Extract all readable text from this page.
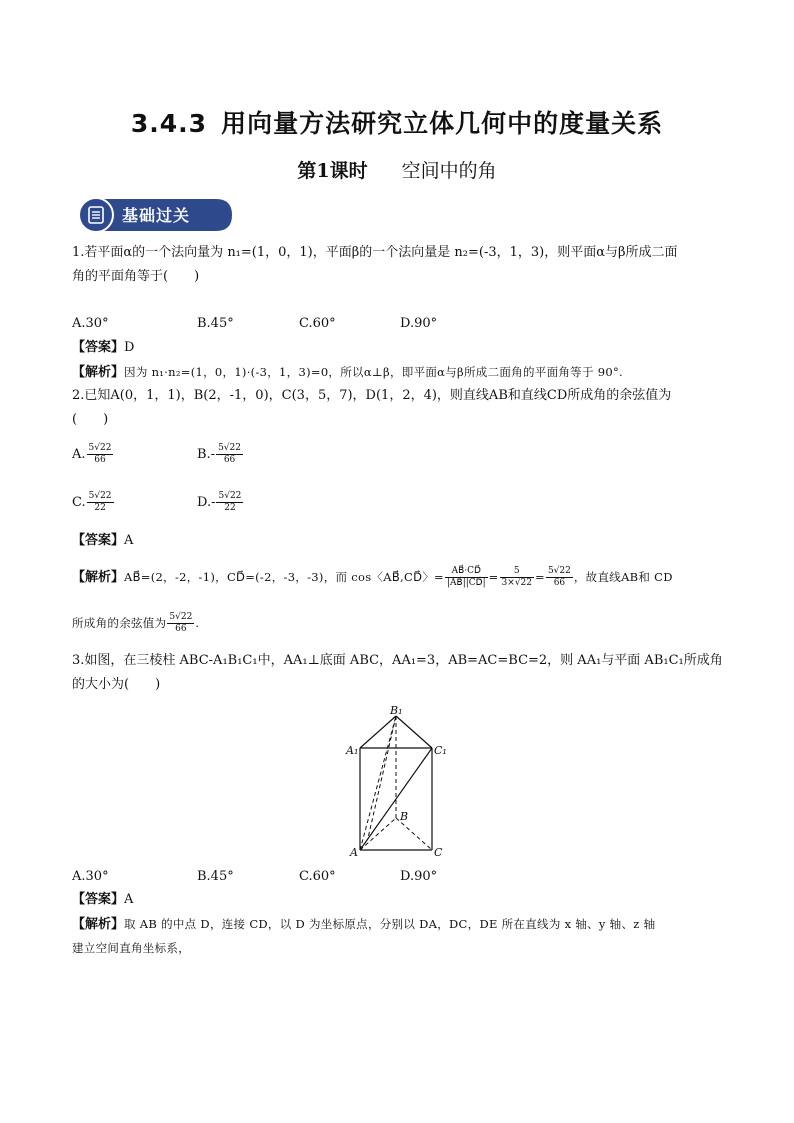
3.4.3 用向量方法研究立体几何中的度量关系
第1课时 空间中的角
基础过关
1.若平面α的一个法向量为 n₁=(1，0，1)，平面β的一个法向量是 n₂=(-3，1，3)，则平面α与β所成二面
角的平面角等于(　　)
A.30°	B.45°	C.60°	D.90°
【答案】D
【解析】因为 n₁·n₂=(1，0，1)·(-3，1，3)=0，所以α⊥β，即平面α与β所成二面角的平面角等于 90°.
2.已知A(0，1，1)，B(2，-1，0)，C(3，5，7)，D(1，2，4)，则直线AB和直线CD所成角的余弦值为
(　　)
A. $\frac{5√22}{66}$	$B.- \frac{5√22}{66}$
C. $\frac{5√22}{22}$	$D.- \frac{5√22}{22}$
【答案】A
【解析】AB⃗=(2，-2，-1)，CD⃗=(-2，-3，-3)，而 cos〈AB⃗,CD⃗〉= $\frac{AB⃗\cdot CD⃗}{|AB⃗||CD⃗|} = \frac{5}{3\times√22} = \frac{5√22}{66}$ ，故直线AB和 CD
所成角的余弦值为 $\frac{5√22}{66}$ .
3.如图，在三棱柱 ABC-A₁B₁C₁中，AA₁⊥底面 ABC，AA₁=3，AB=AC=BC=2，则 AA₁与平面 AB₁C₁所成角
的大小为(　　)
B₁
A₁	C₁
B
A	C
A.30°	B.45°	C.60°	D.90°
【答案】A
【解析】取 AB 的中点 D，连接 CD，以 D 为坐标原点，分别以 DA，DC，DE 所在直线为 x 轴、y 轴、z 轴
建立空间直角坐标系，
